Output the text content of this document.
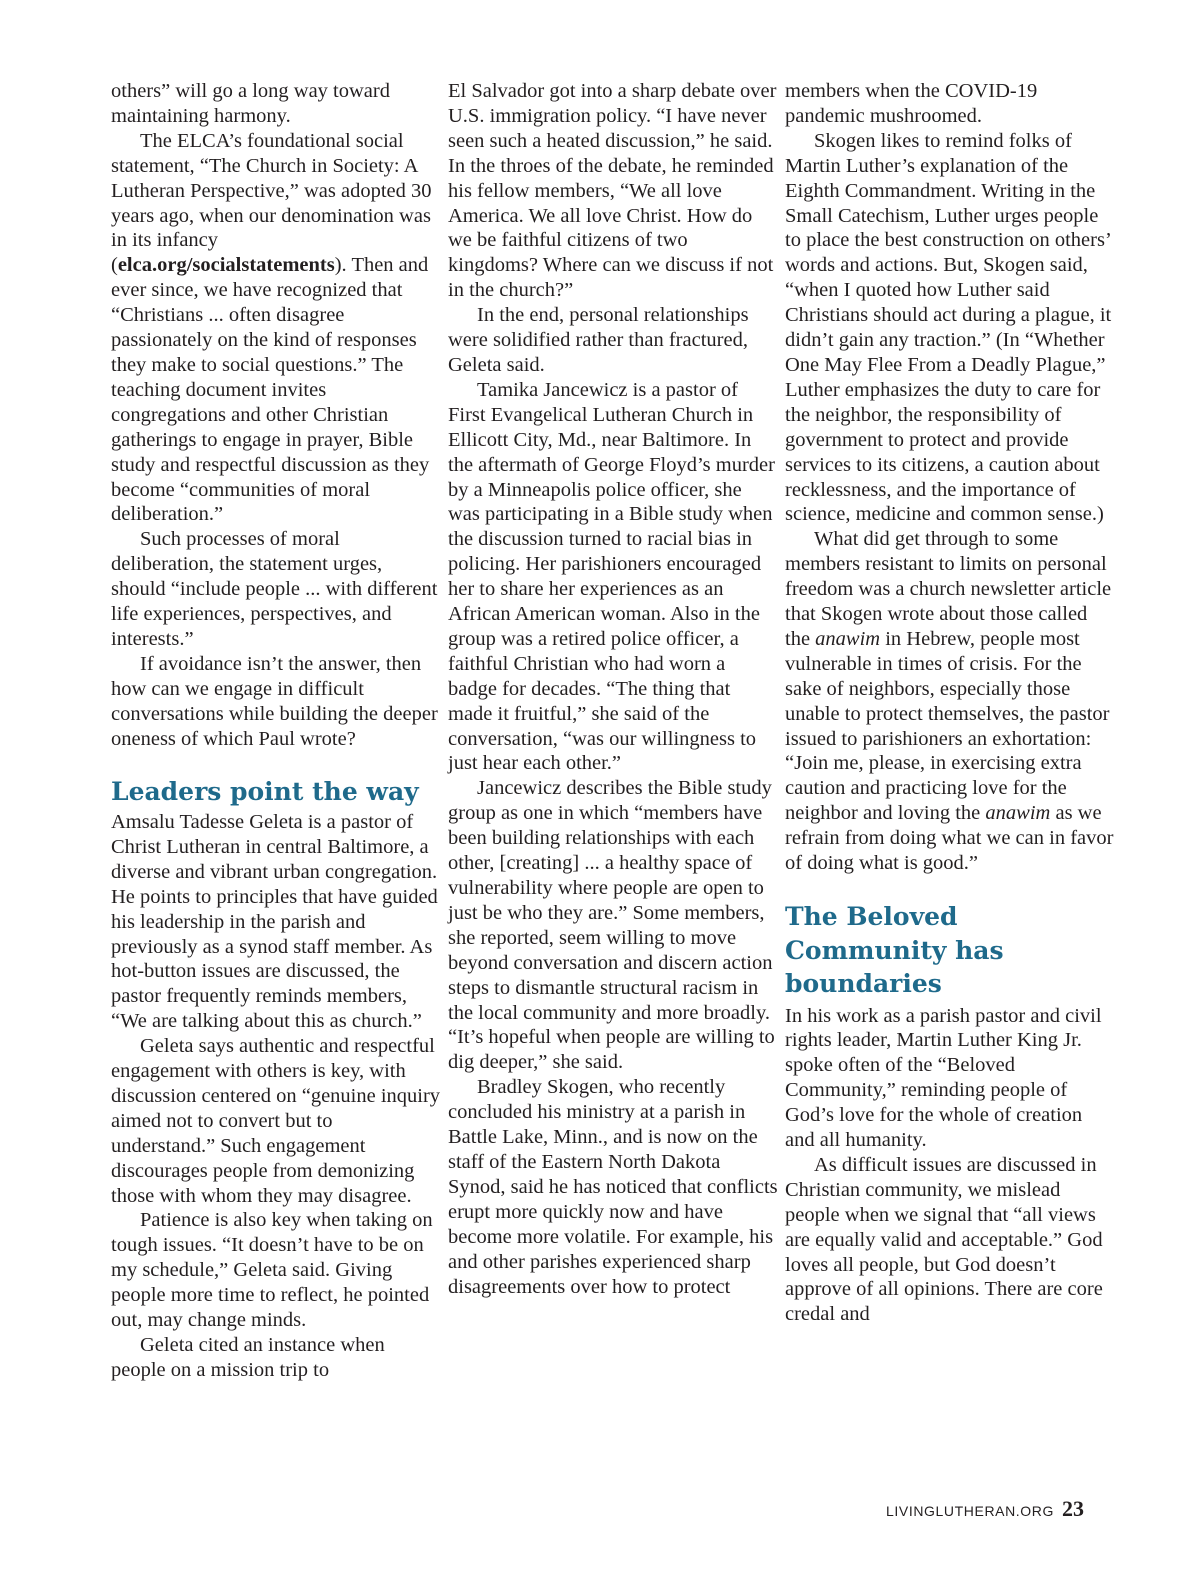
others” will go a long way toward maintaining harmony.

The ELCA’s foundational social statement, “The Church in Society: A Lutheran Perspective,” was adopted 30 years ago, when our denomination was in its infancy (elca.org/socialstatements). Then and ever since, we have recognized that “Christians ... often disagree passionately on the kind of responses they make to social questions.” The teaching document invites congregations and other Christian gatherings to engage in prayer, Bible study and respectful discussion as they become “communities of moral deliberation.”

Such processes of moral deliberation, the statement urges, should “include people ... with different life experiences, perspectives, and interests.”

If avoidance isn’t the answer, then how can we engage in difficult conversations while building the deeper oneness of which Paul wrote?

Leaders point the way

Amsalu Tadesse Geleta is a pastor of Christ Lutheran in central Baltimore, a diverse and vibrant urban congregation. He points to principles that have guided his leadership in the parish and previously as a synod staff member. As hot-button issues are discussed, the pastor frequently reminds members, “We are talking about this as church.”

Geleta says authentic and respectful engagement with others is key, with discussion centered on “genuine inquiry aimed not to convert but to understand.” Such engagement discourages people from demonizing those with whom they may disagree.

Patience is also key when taking on tough issues. “It doesn’t have to be on my schedule,” Geleta said. Giving people more time to reflect, he pointed out, may change minds.

Geleta cited an instance when people on a mission trip to

El Salvador got into a sharp debate over U.S. immigration policy. “I have never seen such a heated discussion,” he said. In the throes of the debate, he reminded his fellow members, “We all love America. We all love Christ. How do we be faithful citizens of two kingdoms? Where can we discuss if not in the church?”

In the end, personal relationships were solidified rather than fractured, Geleta said.

Tamika Jancewicz is a pastor of First Evangelical Lutheran Church in Ellicott City, Md., near Baltimore. In the aftermath of George Floyd’s murder by a Minneapolis police officer, she was participating in a Bible study when the discussion turned to racial bias in policing. Her parishioners encouraged her to share her experiences as an African American woman. Also in the group was a retired police officer, a faithful Christian who had worn a badge for decades. “The thing that made it fruitful,” she said of the conversation, “was our willingness to just hear each other.”

Jancewicz describes the Bible study group as one in which “members have been building relationships with each other, [creating] ... a healthy space of vulnerability where people are open to just be who they are.” Some members, she reported, seem willing to move beyond conversation and discern action steps to dismantle structural racism in the local community and more broadly. “It’s hopeful when people are willing to dig deeper,” she said.

Bradley Skogen, who recently concluded his ministry at a parish in Battle Lake, Minn., and is now on the staff of the Eastern North Dakota Synod, said he has noticed that conflicts erupt more quickly now and have become more volatile. For example, his and other parishes experienced sharp disagreements over how to protect

members when the COVID-19 pandemic mushroomed.

Skogen likes to remind folks of Martin Luther’s explanation of the Eighth Commandment. Writing in the Small Catechism, Luther urges people to place the best construction on others’ words and actions. But, Skogen said, “when I quoted how Luther said Christians should act during a plague, it didn’t gain any traction.” (In “Whether One May Flee From a Deadly Plague,” Luther emphasizes the duty to care for the neighbor, the responsibility of government to protect and provide services to its citizens, a caution about recklessness, and the importance of science, medicine and common sense.)

What did get through to some members resistant to limits on personal freedom was a church newsletter article that Skogen wrote about those called the anawim in Hebrew, people most vulnerable in times of crisis. For the sake of neighbors, especially those unable to protect themselves, the pastor issued to parishioners an exhortation: “Join me, please, in exercising extra caution and practicing love for the neighbor and loving the anawim as we refrain from doing what we can in favor of doing what is good.”

The Beloved Community has boundaries

In his work as a parish pastor and civil rights leader, Martin Luther King Jr. spoke often of the “Beloved Community,” reminding people of God’s love for the whole of creation and all humanity.

As difficult issues are discussed in Christian community, we mislead people when we signal that “all views are equally valid and acceptable.” God loves all people, but God doesn’t approve of all opinions. There are core credal and

LIVINGLUTHERAN.ORG 23
